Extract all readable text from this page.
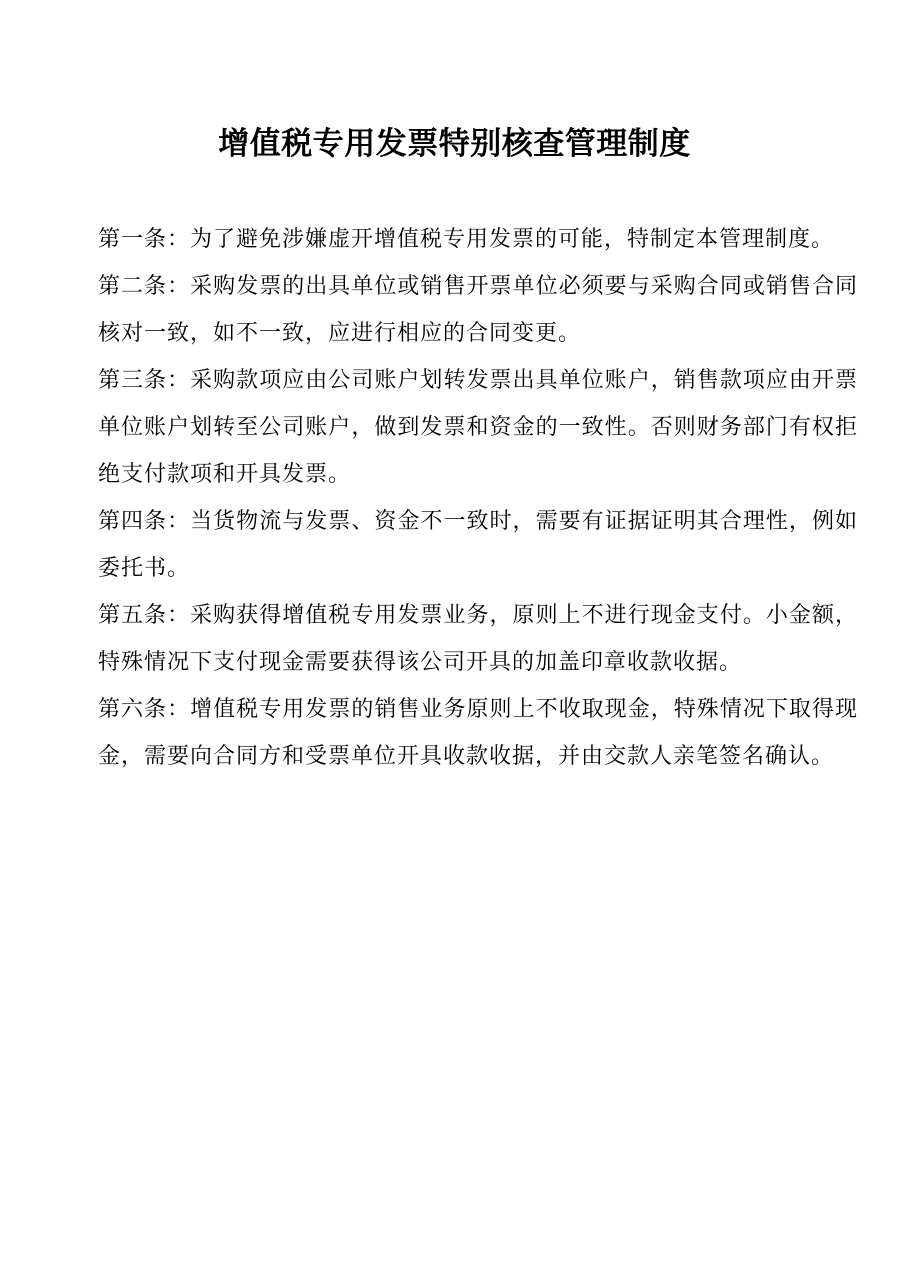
增值税专用发票特别核查管理制度

第一条：为了避免涉嫌虚开增值税专用发票的可能，特制定本管理制度。

第二条：采购发票的出具单位或销售开票单位必须要与采购合同或销售合同核对一致，如不一致，应进行相应的合同变更。

第三条：采购款项应由公司账户划转发票出具单位账户，销售款项应由开票单位账户划转至公司账户，做到发票和资金的一致性。否则财务部门有权拒绝支付款项和开具发票。

第四条：当货物流与发票、资金不一致时，需要有证据证明其合理性，例如委托书。

第五条：采购获得增值税专用发票业务，原则上不进行现金支付。小金额，特殊情况下支付现金需要获得该公司开具的加盖印章收款收据。

第六条：增值税专用发票的销售业务原则上不收取现金，特殊情况下取得现金，需要向合同方和受票单位开具收款收据，并由交款人亲笔签名确认。
